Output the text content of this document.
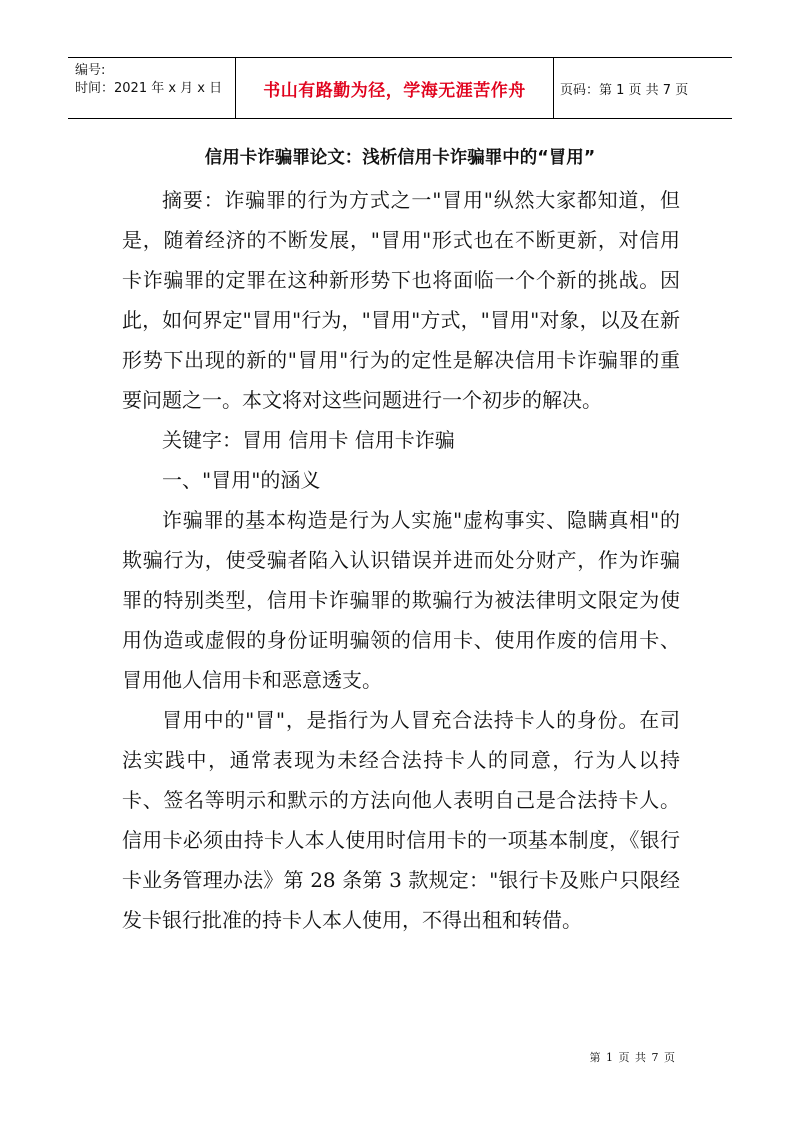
编号:
时间：2021 年 x 月 x 日	书山有路勤为径，学海无涯苦作舟	页码：第 1 页 共 7 页
信用卡诈骗罪论文：浅析信用卡诈骗罪中的“冒用”

摘要：诈骗罪的行为方式之一"冒用"纵然大家都知道，但是，随着经济的不断发展，"冒用"形式也在不断更新，对信用卡诈骗罪的定罪在这种新形势下也将面临一个个新的挑战。因此，如何界定"冒用"行为，"冒用"方式，"冒用"对象，以及在新形势下出现的新的"冒用"行为的定性是解决信用卡诈骗罪的重要问题之一。本文将对这些问题进行一个初步的解决。

关键字：冒用 信用卡 信用卡诈骗

一、"冒用"的涵义

诈骗罪的基本构造是行为人实施"虚构事实、隐瞒真相"的欺骗行为，使受骗者陷入认识错误并进而处分财产，作为诈骗罪的特别类型，信用卡诈骗罪的欺骗行为被法律明文限定为使用伪造或虚假的身份证明骗领的信用卡、使用作废的信用卡、冒用他人信用卡和恶意透支。

冒用中的"冒"，是指行为人冒充合法持卡人的身份。在司法实践中，通常表现为未经合法持卡人的同意，行为人以持卡、签名等明示和默示的方法向他人表明自己是合法持卡人。信用卡必须由持卡人本人使用时信用卡的一项基本制度，《银行卡业务管理办法》第 28 条第 3 款规定："银行卡及账户只限经发卡银行批准的持卡人本人使用，不得出租和转借。

第 1 页 共 7 页
